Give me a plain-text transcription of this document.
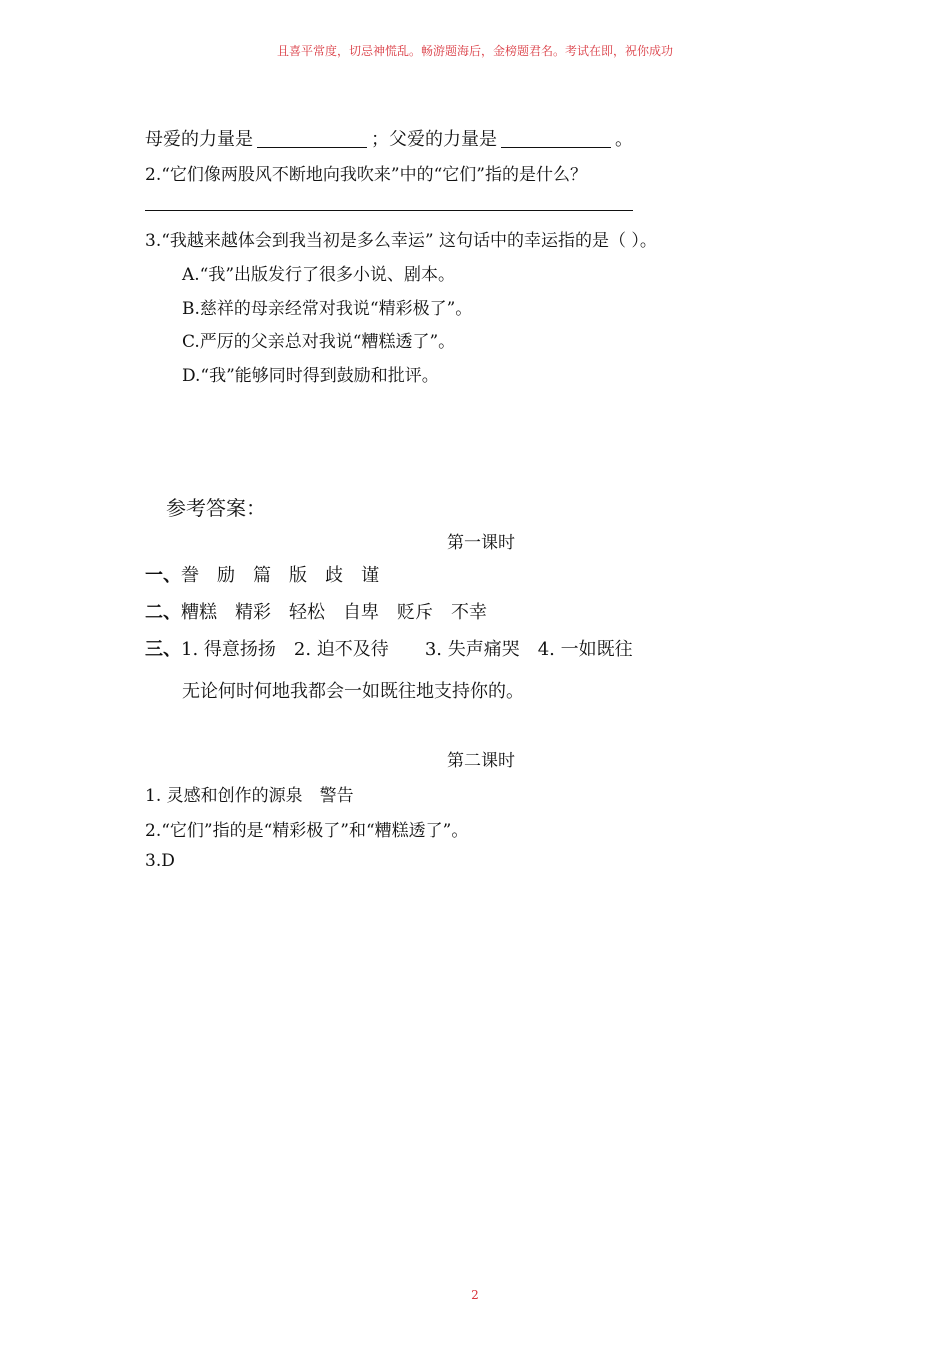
且喜平常度，切忌神慌乱。畅游题海后，金榜题君名。考试在即，祝你成功
母爱的力量是	；父爱的力量是	。
2.“它们像两股风不断地向我吹来”中的“它们”指的是什么？
3.“我越来越体会到我当初是多么幸运” 这句话中的幸运指的是（ ）。
A.“我”出版发行了很多小说、剧本。
B.慈祥的母亲经常对我说“精彩极了”。
C.严厉的父亲总对我说“糟糕透了”。
D.“我”能够同时得到鼓励和批评。
参考答案：
第一课时
一、誊 励 篇 版 歧 谨
二、糟糕 精彩 轻松 自卑 贬斥 不幸
三、1. 得意扬扬 2. 迫不及待 3. 失声痛哭 4. 一如既往
无论何时何地我都会一如既往地支持你的。
第二课时
1. 灵感和创作的源泉　警告
2.“它们”指的是“精彩极了”和“糟糕透了”。
3.D
2
